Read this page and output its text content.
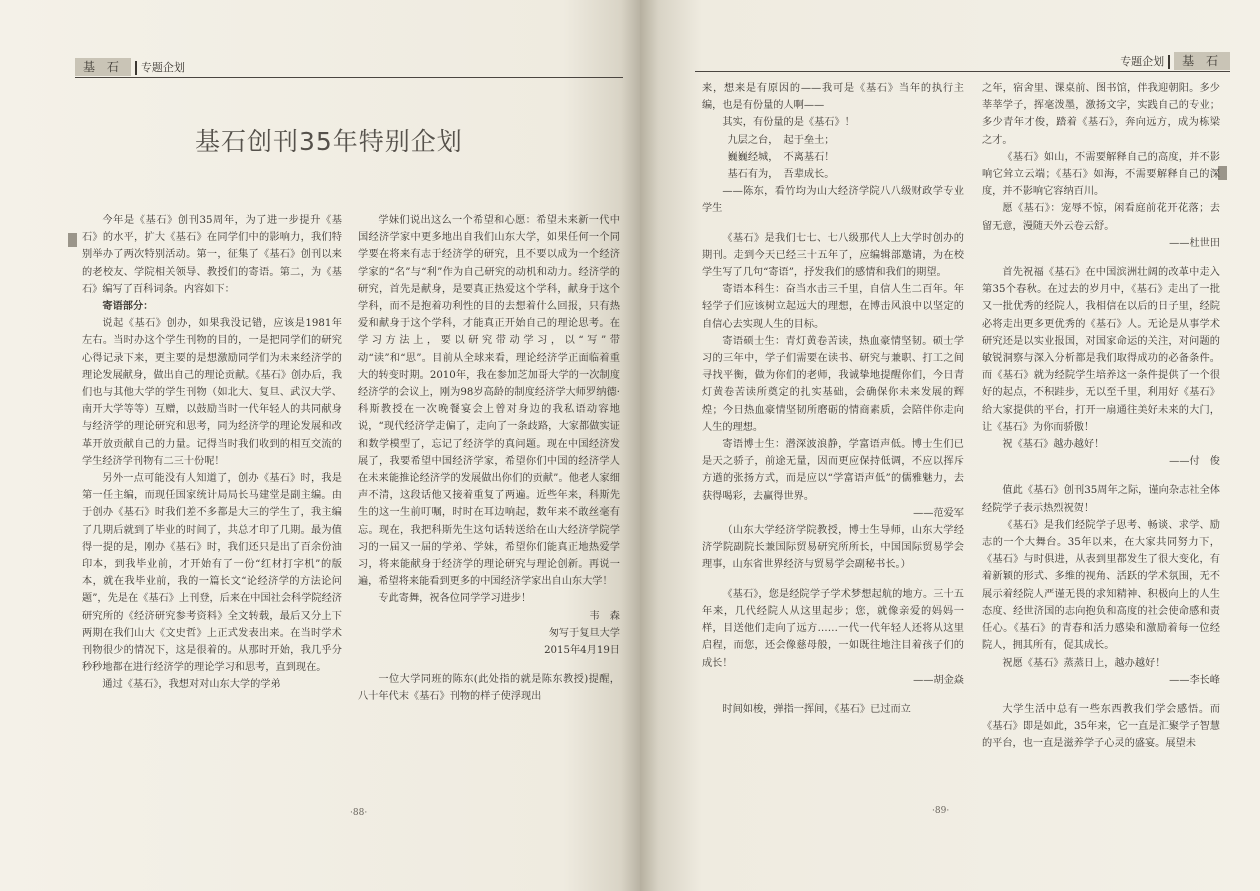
基 石 专题企划
基石创刊35年特别企划

今年是《基石》创刊35周年，为了进一步提升《基石》的水平，扩大《基石》在同学们中的影响力，我们特别举办了两次特别活动。第一，征集了《基石》创刊以来的老校友、学院相关领导、教授们的寄语。第二，为《基石》编写了百科词条。内容如下：

寄语部分：

说起《基石》创办，如果我没记错，应该是1981年左右。当时办这个学生刊物的目的，一是把同学们的研究心得记录下来，更主要的是想激励同学们为未来经济学的理论发展献身，做出自己的理论贡献。《基石》创办后，我们也与其他大学的学生刊物（如北大、复旦、武汉大学、南开大学等等）互赠，以鼓励当时一代年轻人的共同献身与经济学的理论研究和思考，同为经济学的理论发展和改革开放贡献自己的力量。记得当时我们收到的相互交流的学生经济学刊物有二三十份呢！

另外一点可能没有人知道了，创办《基石》时，我是第一任主编，而现任国家统计局局长马建堂是副主编。由于创办《基石》时我们差不多都是大三的学生了，我主编了几期后就到了毕业的时间了，共总才印了几期。最为值得一提的是，刚办《基石》时，我们还只是出了百余份油印本，到我毕业前，才开始有了一份“红材打字机”的版本，就在我毕业前，我的一篇长文“论经济学的方法论问题”，先是在《基石》上刊登，后来在中国社会科学院经济研究所的《经济研究参考资料》全文转载，最后又分上下两期在我们山大《文史哲》上正式发表出来。在当时学术刊物很少的情况下，这是很着的。从那时开始，我几乎分秒秒地都在进行经济学的理论学习和思考，直到现在。

通过《基石》，我想对对山东大学的学弟

学妹们说出这么一个希望和心愿：希望未来新一代中国经济学家中更多地出自我们山东大学，如果任何一个同学要在将来有志于经济学的研究，且不要以成为一个经济学家的“名”与“利”作为自己研究的动机和动力。经济学的研究，首先是献身，是要真正热爱这个学科，献身于这个学科，而不是抱着功利性的目的去想着什么回报，只有热爱和献身于这个学科，才能真正开始自己的理论思考。在学习方法上，要以研究带动学习，以“写”带动“读”和“思”。目前从全球来看，理论经济学正面临着重大的转变时期。2010年，我在参加芝加哥大学的一次制度经济学的会议上，刚为98岁高龄的制度经济学大师罗纳德·科斯教授在一次晚餐宴会上曾对身边的我私语动容地说，“现代经济学走偏了，走向了一条歧路，大家都做实证和数学模型了，忘记了经济学的真问题。现在中国经济发展了，我要希望中国经济学家，希望你们中国的经济学人在未来能推论经济学的发展做出你们的贡献”。他老人家细声不清，这段话他又接着重复了两遍。近些年来，科斯先生的这一生前叮嘱，时时在耳边响起，数年来不敢丝毫有忘。现在，我把科斯先生这句话转送给在山大经济学院学习的一届又一届的学弟、学妹，希望你们能真正地热爱学习，将来能献身于经济学的理论研究与理论创新。再说一遍，希望将来能看到更多的中国经济学家出自山东大学！

专此寄舞，祝各位同学学习进步！

韦　森

匆写于复旦大学

2015年4月19日

一位大学同班的陈东(此处指的就是陈东教授)提醒，八十年代末《基石》刊物的样子使浮现出

·88·
专题企划 基 石

来，想来是有原因的——我可是《基石》当年的执行主编，也是有份量的人啊——

其实，有份量的是《基石》！

九层之台，　起于垒土；

巍巍经城，　不离基石！

基石有为，　吾辈成长。

——陈东，看竹均为山大经济学院八八级财政学专业学生

《基石》是我们七七、七八级那代人上大学时创办的期刊。走到今天已经三十五年了，应编辑部邀请，为在校学生写了几句“寄语”，抒发我们的感情和我们的期望。

寄语本科生：奋当水击三千里，自信人生二百年。年轻学子们应该树立起远大的理想，在博击风浪中以坚定的自信心去实现人生的目标。

寄语硕士生：青灯黄卷苦读，热血豪情坚韧。硕士学习的三年中，学子们需要在读书、研究与兼职、打工之间寻找平衡，做为你们的老师，我诚挚地提醒你们，今日青灯黄卷苦读所奠定的扎实基础，会确保你未来发展的辉煌；今日热血豪情坚韧所磨砺的情商素质，会陪伴你走向人生的理想。

寄语博士生：潜深波浪静，学富语声低。博士生们已是天之骄子，前途无量，因而更应保持低调，不应以挥斥方遒的张扬方式，而是应以“学富语声低”的儒雅魅力，去获得喝彩，去赢得世界。

——范爱军

（山东大学经济学院教授，博士生导师，山东大学经济学院副院长兼国际贸易研究所所长，中国国际贸易学会理事，山东省世界经济与贸易学会副秘书长。）

《基石》，您是经院学子学术梦想起航的地方。三十五年来，几代经院人从这里起步；您，就像亲爱的妈妈一样，目送他们走向了远方……一代一代年轻人还将从这里启程，而您，还会像慈母般，一如既往地注目着孩子们的成长！

——胡金焱

时间如梭，弹指一挥间，《基石》已过而立

之年，宿舍里、课桌前、图书馆，伴我迎朝阳。多少莘莘学子，挥毫泼墨，激扬文字，实践自己的专业；多少青年才俊，踏着《基石》，奔向远方，成为栋梁之才。

《基石》如山，不需要解释自己的高度，并不影响它耸立云端；《基石》如海，不需要解释自己的深度，并不影响它容纳百川。

愿《基石》：宠辱不惊，闲看庭前花开花落；去留无意，漫随天外云卷云舒。

——杜世田

首先祝福《基石》在中国滨洲壮阔的改革中走入第35个春秋。在过去的岁月中，《基石》走出了一批又一批优秀的经院人，我相信在以后的日子里，经院必将走出更多更优秀的《基石》人。无论是从事学术研究还是以实业报国，对国家命运的关注，对问题的敏锐洞察与深入分析都是我们取得成功的必备条件。而《基石》就为经院学生培养这一条件提供了一个很好的起点，不积跬步，无以至千里，利用好《基石》给大家提供的平台，打开一扇通往美好未来的大门，让《基石》为你而骄傲！

祝《基石》越办越好！

——付　俊

值此《基石》创刊35周年之际，谨向杂志社全体经院学子表示热烈祝贺！

《基石》是我们经院学子思考、畅谈、求学、励志的一个大舞台。35年以来，在大家共同努力下，《基石》与时俱进，从表到里都发生了很大变化，有着新颖的形式、多维的视角、活跃的学术氛围，无不展示着经院人严谨无畏的求知精神、积极向上的人生态度、经世济国的志向抱负和高度的社会使命感和责任心。《基石》的青春和活力感染和激励着每一位经院人，拥其所有，促其成长。

祝愿《基石》蒸蒸日上，越办越好！

——李长峰

大学生活中总有一些东西教我们学会感悟。而《基石》即是如此，35年来，它一直是汇聚学子智慧的平台，也一直是滋养学子心灵的盛宴。展望未

·89·
